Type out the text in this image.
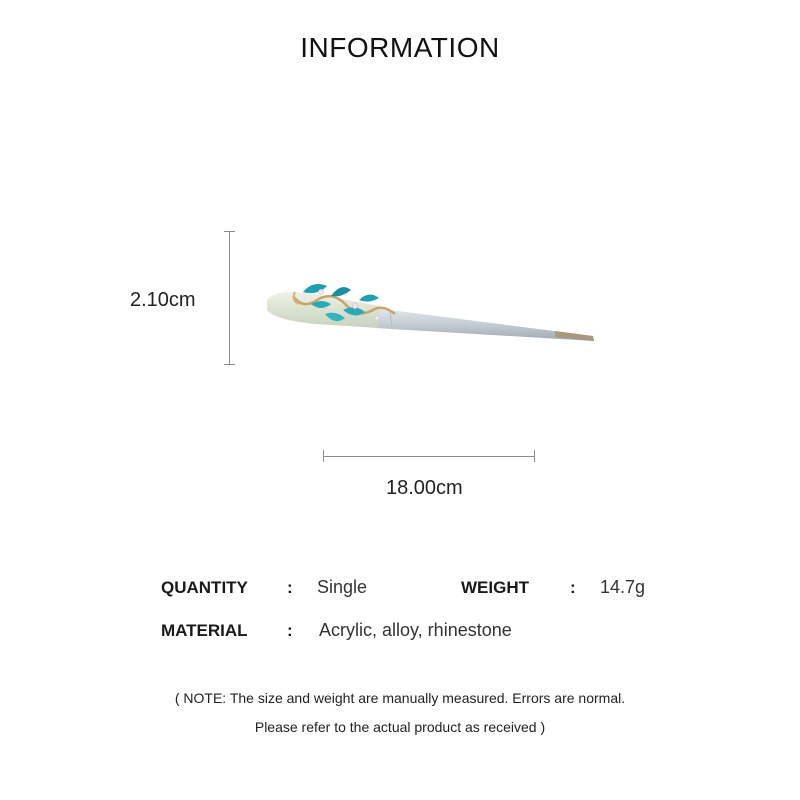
INFORMATION
2.10cm
18.00cm
QUANTITY : Single	WEIGHT : 14.7g
MATERIAL : Acrylic, alloy, rhinestone
( NOTE: The size and weight are manually measured. Errors are normal.
Please refer to the actual product as received )
